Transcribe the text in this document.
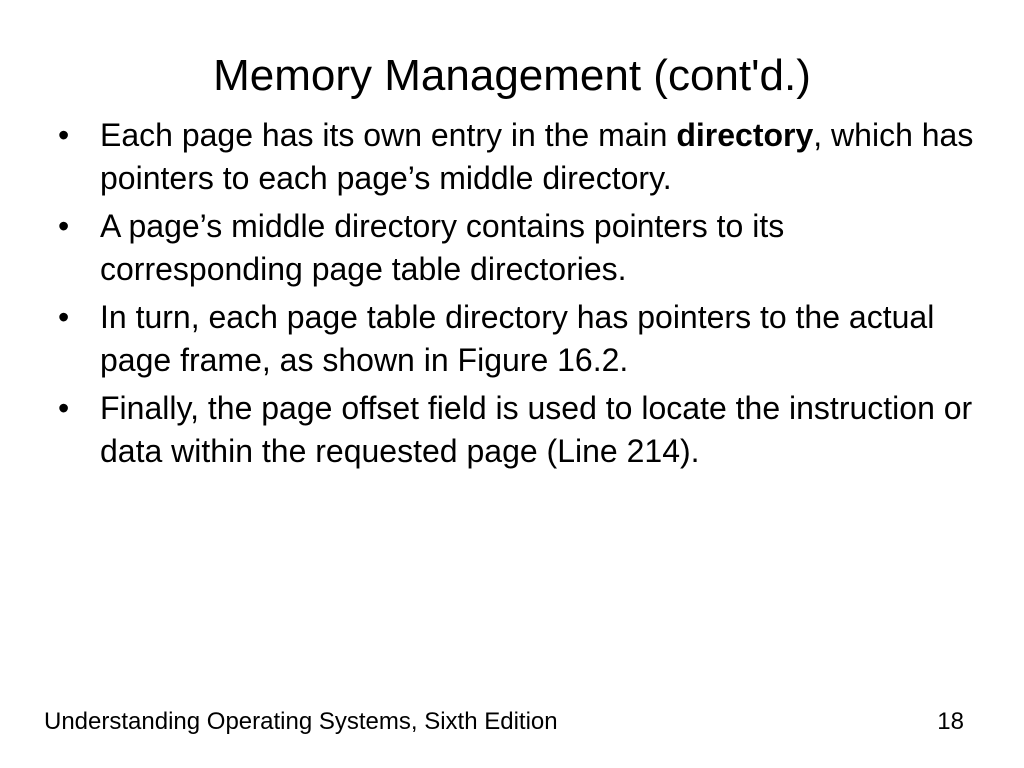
Memory Management (cont'd.)
• Each page has its own entry in the main directory, which has pointers to each page’s middle directory.
• A page’s middle directory contains pointers to its corresponding page table directories.
• In turn, each page table directory has pointers to the actual page frame, as shown in Figure 16.2.
• Finally, the page offset field is used to locate the instruction or data within the requested page (Line 214).
Understanding Operating Systems, Sixth Edition	18
